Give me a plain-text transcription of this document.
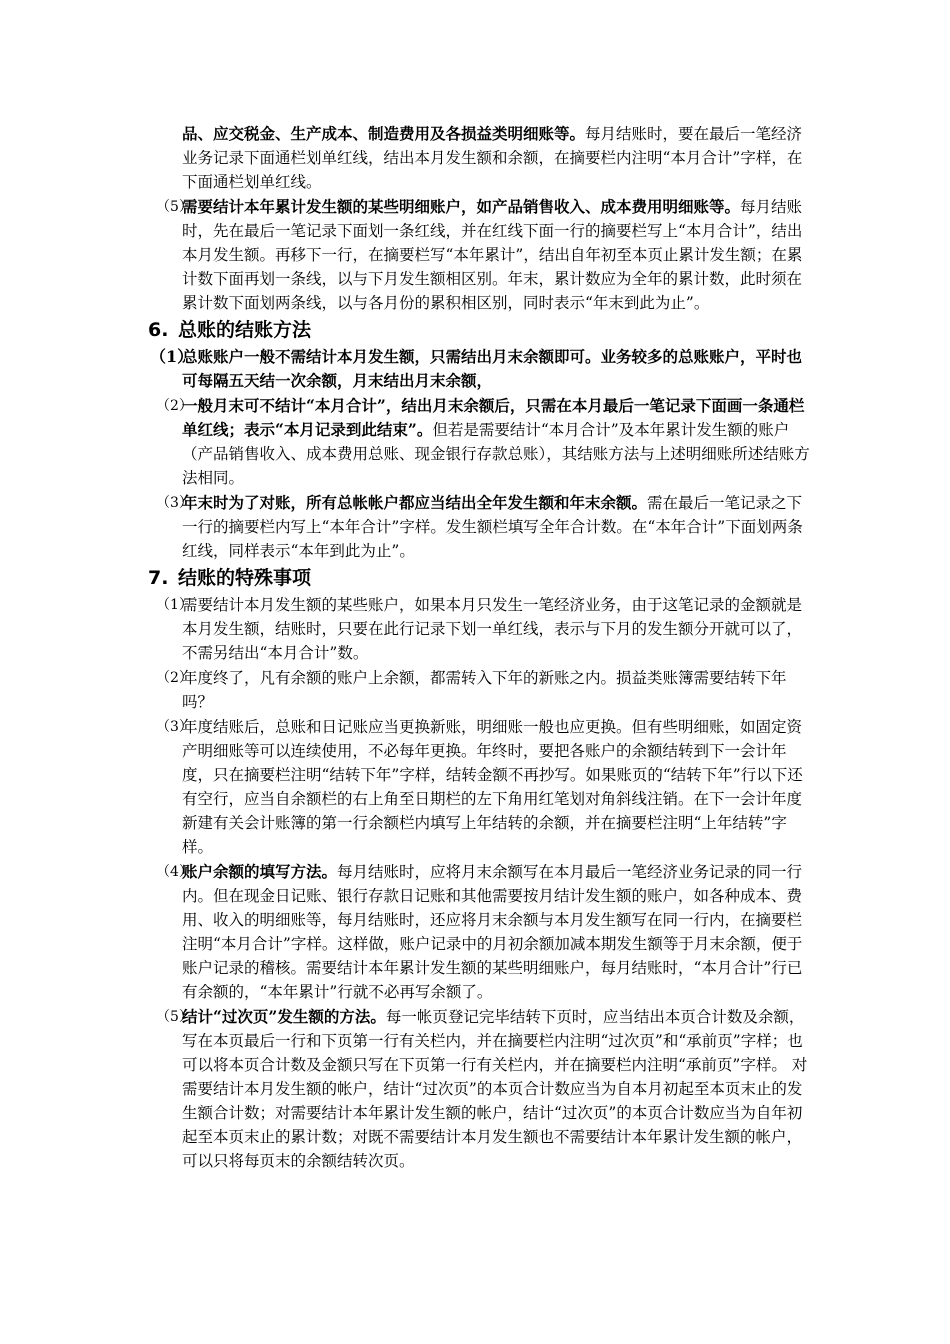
品、应交税金、生产成本、制造费用及各损益类明细账等。每月结账时，要在最后一笔经济业务记录下面通栏划单红线，结出本月发生额和余额，在摘要栏内注明“本月合计”字样，在下面通栏划单红线。

（5）
需要结计本年累计发生额的某些明细账户，如产品销售收入、成本费用明细账等。每月结账时，先在最后一笔记录下面划一条红线，并在红线下面一行的摘要栏写上“本月合计”，结出本月发生额。再移下一行，在摘要栏写“本年累计”，结出自年初至本页止累计发生额；在累计数下面再划一条线，以与下月发生额相区别。年末，累计数应为全年的累计数，此时须在累计数下面划两条线，以与各月份的累积相区别，同时表示“年末到此为止”。

6. 总账的结账方法

（1）
总账账户一般不需结计本月发生额，只需结出月末余额即可。业务较多的总账账户，平时也可每隔五天结一次余额，月末结出月末余额，

（2）
一般月末可不结计“本月合计”，结出月末余额后，只需在本月最后一笔记录下面画一条通栏单红线；表示“本月记录到此结束”。但若是需要结计“本月合计”及本年累计发生额的账户（产品销售收入、成本费用总账、现金银行存款总账），其结账方法与上述明细账所述结账方法相同。

（3）
年末时为了对账，所有总帐帐户都应当结出全年发生额和年末余额。需在最后一笔记录之下一行的摘要栏内写上“本年合计”字样。发生额栏填写全年合计数。在“本年合计”下面划两条红线，同样表示“本年到此为止”。

7. 结账的特殊事项

（1）
需要结计本月发生额的某些账户，如果本月只发生一笔经济业务，由于这笔记录的金额就是本月发生额，结账时，只要在此行记录下划一单红线，表示与下月的发生额分开就可以了，不需另结出“本月合计”数。

（2）
年度终了，凡有余额的账户上余额，都需转入下年的新账之内。损益类账簿需要结转下年吗？

（3）
年度结账后，总账和日记账应当更换新账，明细账一般也应更换。但有些明细账，如固定资产明细账等可以连续使用，不必每年更换。年终时，要把各账户的余额结转到下一会计年度，只在摘要栏注明“结转下年”字样，结转金额不再抄写。如果账页的“结转下年”行以下还有空行，应当自余额栏的右上角至日期栏的左下角用红笔划对角斜线注销。在下一会计年度新建有关会计账簿的第一行余额栏内填写上年结转的余额，并在摘要栏注明“上年结转”字样。

（4）
账户余额的填写方法。每月结账时，应将月末余额写在本月最后一笔经济业务记录的同一行内。但在现金日记账、银行存款日记账和其他需要按月结计发生额的账户，如各种成本、费用、收入的明细账等，每月结账时，还应将月末余额与本月发生额写在同一行内，在摘要栏注明“本月合计”字样。这样做，账户记录中的月初余额加减本期发生额等于月末余额，便于账户记录的稽核。需要结计本年累计发生额的某些明细账户，每月结账时，“本月合计”行已有余额的，“本年累计”行就不必再写余额了。

（5）
结计“过次页”发生额的方法。每一帐页登记完毕结转下页时，应当结出本页合计数及余额，写在本页最后一行和下页第一行有关栏内，并在摘要栏内注明“过次页”和“承前页”字样；也可以将本页合计数及金额只写在下页第一行有关栏内，并在摘要栏内注明“承前页”字样。 对需要结计本月发生额的帐户，结计“过次页”的本页合计数应当为自本月初起至本页末止的发生额合计数；对需要结计本年累计发生额的帐户，结计“过次页”的本页合计数应当为自年初起至本页末止的累计数；对既不需要结计本月发生额也不需要结计本年累计发生额的帐户，可以只将每页末的余额结转次页。
